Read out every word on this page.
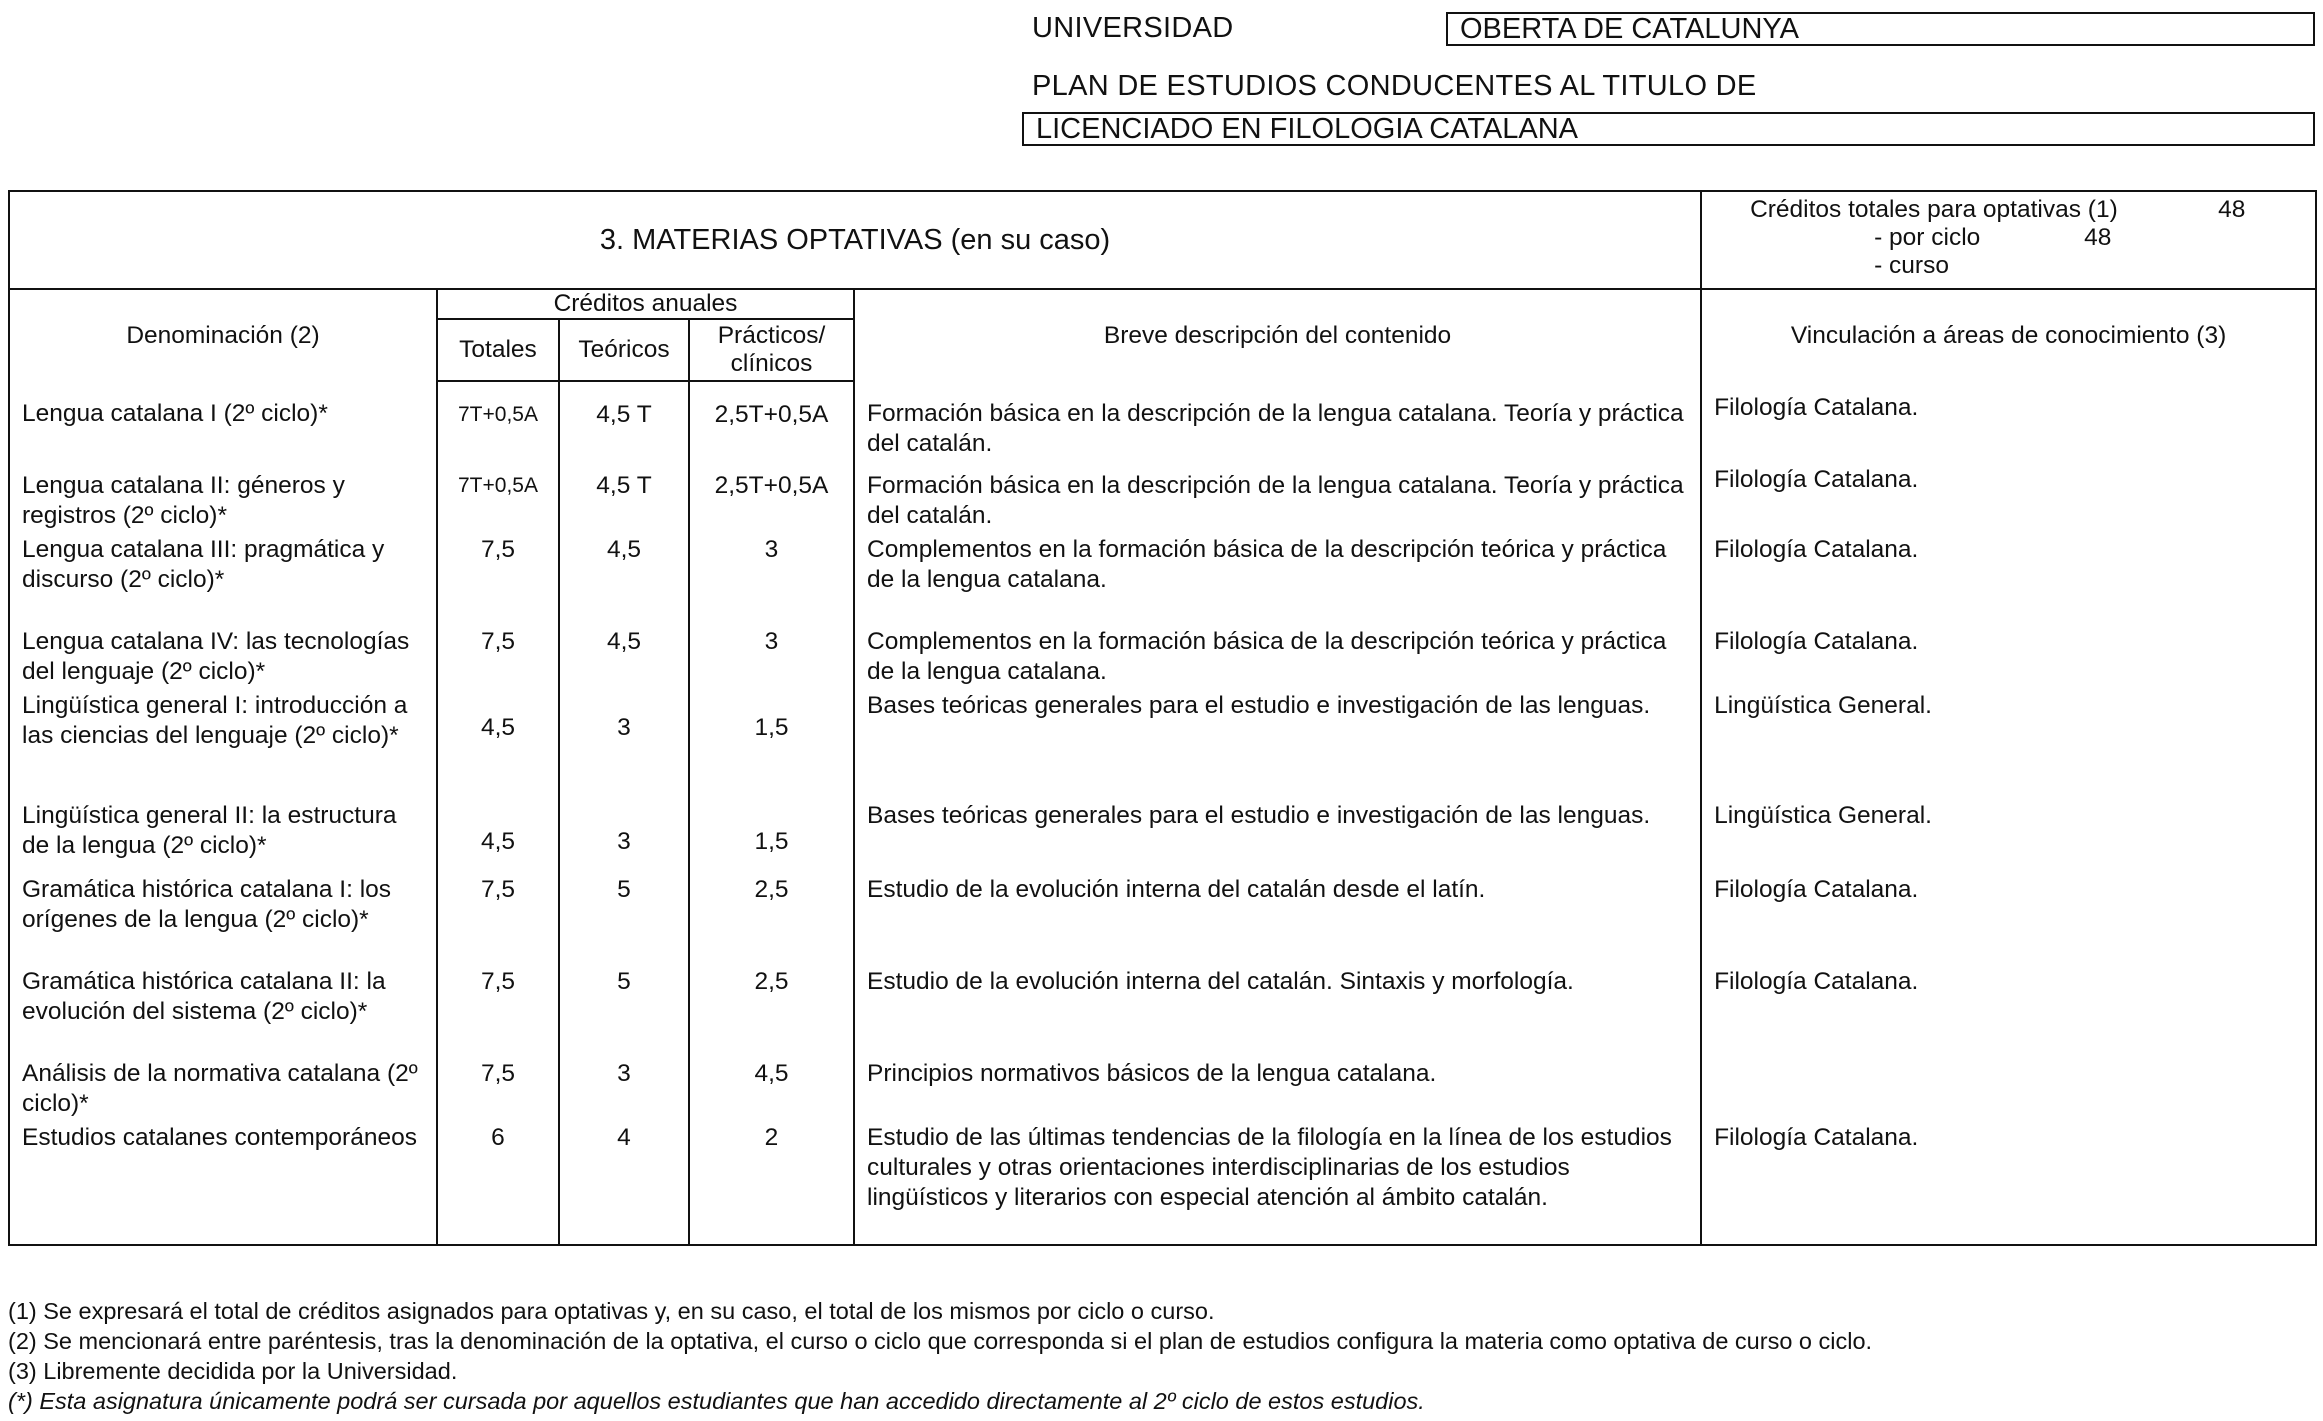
UNIVERSIDAD	OBERTA DE CATALUNYA
PLAN DE ESTUDIOS CONDUCENTES AL TITULO DE
LICENCIADO EN FILOLOGIA CATALANA
3. MATERIAS OPTATIVAS (en su caso)					Créditos totales para optativas (1) 48
- por ciclo 48
- curso

Denominación (2)	Créditos anuales			Breve descripción del contenido	Vinculación a áreas de conocimiento (3)
	Totales	Teóricos	Prácticos/ clínicos		
Lengua catalana I (2º ciclo)*	7T+0,5A	4,5 T	2,5T+0,5A	Formación básica en la descripción de la lengua catalana. Teoría y práctica del catalán.	Filología Catalana.
Lengua catalana II: géneros y registros (2º ciclo)*	7T+0,5A	4,5 T	2,5T+0,5A	Formación básica en la descripción de la lengua catalana. Teoría y práctica del catalán.	Filología Catalana.
Lengua catalana III: pragmática y discurso (2º ciclo)*	7,5	4,5	3	Complementos en la formación básica de la descripción teórica y práctica de la lengua catalana.	Filología Catalana.
Lengua catalana IV: las tecnologías del lenguaje (2º ciclo)*	7,5	4,5	3	Complementos en la formación básica de la descripción teórica y práctica de la lengua catalana.	Filología Catalana.
Lingüística general I: introducción a las ciencias del lenguaje (2º ciclo)*	4,5	3	1,5	Bases teóricas generales para el estudio e investigación de las lenguas.	Lingüística General.
Lingüística general II: la estructura de la lengua (2º ciclo)*	4,5	3	1,5	Bases teóricas generales para el estudio e investigación de las lenguas.	Lingüística General.
Gramática histórica catalana I: los orígenes de la lengua (2º ciclo)*	7,5	5	2,5	Estudio de la evolución interna del catalán desde el latín.	Filología Catalana.
Gramática histórica catalana II: la evolución del sistema (2º ciclo)*	7,5	5	2,5	Estudio de la evolución interna del catalán. Sintaxis y morfología.	Filología Catalana.
Análisis de la normativa catalana (2º ciclo)*	7,5	3	4,5	Principios normativos básicos de la lengua catalana.	
Estudios catalanes contemporáneos	6	4	2	Estudio de las últimas tendencias de la filología en la línea de los estudios culturales y otras orientaciones interdisciplinarias de los estudios lingüísticos y literarios con especial atención al ámbito catalán.	Filología Catalana.
(1) Se expresará el total de créditos asignados para optativas y, en su caso, el total de los mismos por ciclo o curso.
(2) Se mencionará entre paréntesis, tras la denominación de la optativa, el curso o ciclo que corresponda si el plan de estudios configura la materia como optativa de curso o ciclo.
(3) Libremente decidida por la Universidad.
(*) Esta asignatura únicamente podrá ser cursada por aquellos estudiantes que han accedido directamente al 2º ciclo de estos estudios.
